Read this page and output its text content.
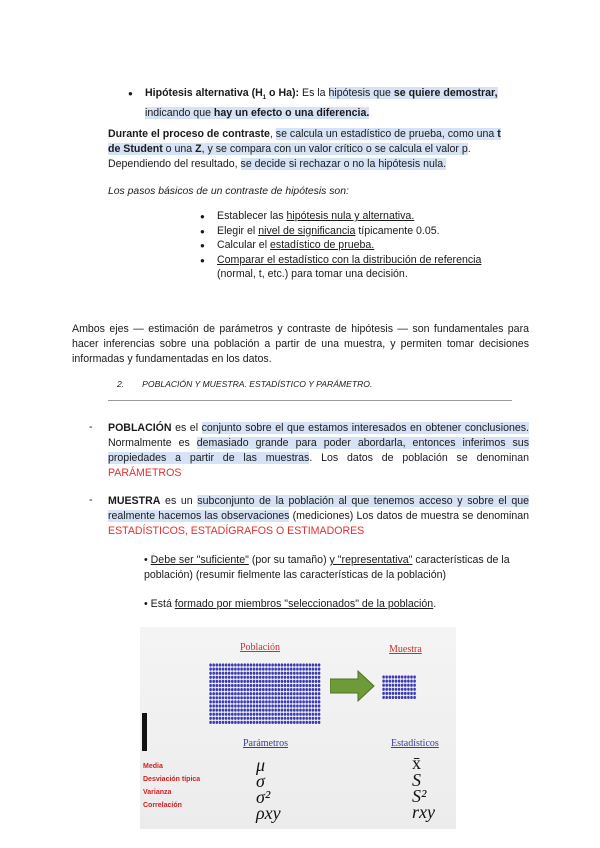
● Hipótesis alternativa ($H_1$ o Ha): Es la hipótesis que se quiere demostrar,
indicando que hay un efecto o una diferencia.
Durante el proceso de contraste, se calcula un estadístico de prueba, como una t
de Student o una Z, y se compara con un valor crítico o se calcula el valor p.
Dependiendo del resultado, se decide si rechazar o no la hipótesis nula.
Los pasos básicos de un contraste de hipótesis son:
● Establecer las hipótesis nula y alternativa.
● Elegir el nivel de significancia típicamente 0.05.
● Calcular el estadístico de prueba.
● Comparar el estadístico con la distribución de referencia
(normal, t, etc.) para tomar una decisión.
Ambos ejes — estimación de parámetros y contraste de hipótesis — son fundamentales para hacer inferencias sobre una población a partir de una muestra, y permiten tomar decisiones informadas y fundamentadas en los datos.
2. POBLACIÓN Y MUESTRA. ESTADÍSTICO Y PARÁMETRO.
- POBLACIÓN es el conjunto sobre el que estamos interesados en obtener conclusiones. Normalmente es demasiado grande para poder abordarla, entonces inferimos sus propiedades a partir de las muestras. Los datos de población se denominan PARÁMETROS
- MUESTRA es un subconjunto de la población al que tenemos acceso y sobre el que realmente hacemos las observaciones (mediciones) Los datos de muestra se denominan ESTADÍSTICOS, ESTADÍGRAFOS O ESTIMADORES
• Debe ser "suficiente" (por su tamaño) y "representativa" características de la población) (resumir fielmente las características de la población)
• Está formado por miembros "seleccionados" de la población.
Población	Muestra
Parámetros	Estadísticos
Media
Desviación típica
Varianza
Correlación
μ
σ
σ²
ρxy
x̄
S
S²
rxy
